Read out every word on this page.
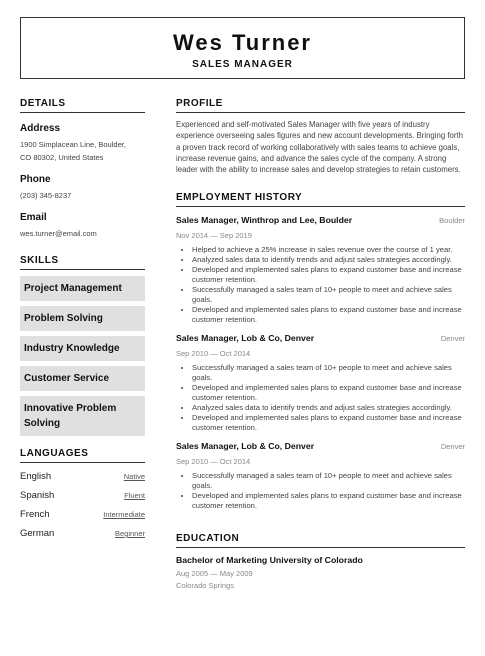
Wes Turner
SALES MANAGER
DETAILS
Address
1900 Simplacean Line, Boulder,
CO 80302, United States
Phone
(203) 345-8237
Email
wes.turner@email.com
SKILLS
Project Management
Problem Solving
Industry Knowledge
Customer Service
Innovative Problem Solving
LANGUAGES
English	Native
Spanish	Fluent
French	Intermediate
German	Beginner
PROFILE
Experienced and self-motivated Sales Manager with five years of industry experience overseeing sales figures and new account developments. Bringing forth a proven track record of working collaboratively with sales teams to achieve goals, increase revenue gains, and advance the sales cycle of the company. A strong leader with the ability to increase sales and develop strategies to retain customers.
EMPLOYMENT HISTORY
Sales Manager, Winthrop and Lee, Boulder	Boulder
Nov 2014 — Sep 2019
• Helped to achieve a 25% increase in sales revenue over the course of 1 year.
• Analyzed sales data to identify trends and adjust sales strategies accordingly.
• Developed and implemented sales plans to expand customer base and increase customer retention.
• Successfully managed a sales team of 10+ people to meet and achieve sales goals.
• Developed and implemented sales plans to expand customer base and increase customer retention.
Sales Manager, Lob & Co, Denver	Denver
Sep 2010 — Oct 2014
• Successfully managed a sales team of 10+ people to meet and achieve sales goals.
• Developed and implemented sales plans to expand customer base and increase customer retention.
• Analyzed sales data to identify trends and adjust sales strategies accordingly.
• Developed and implemented sales plans to expand customer base and increase customer retention.
Sales Manager, Lob & Co, Denver	Denver
Sep 2010 — Oct 2014
• Successfully managed a sales team of 10+ people to meet and achieve sales goals.
• Developed and implemented sales plans to expand customer base and increase customer retention.
EDUCATION
Bachelor of Marketing University of Colorado
Aug 2005 — May 2009
Colorado Springs
